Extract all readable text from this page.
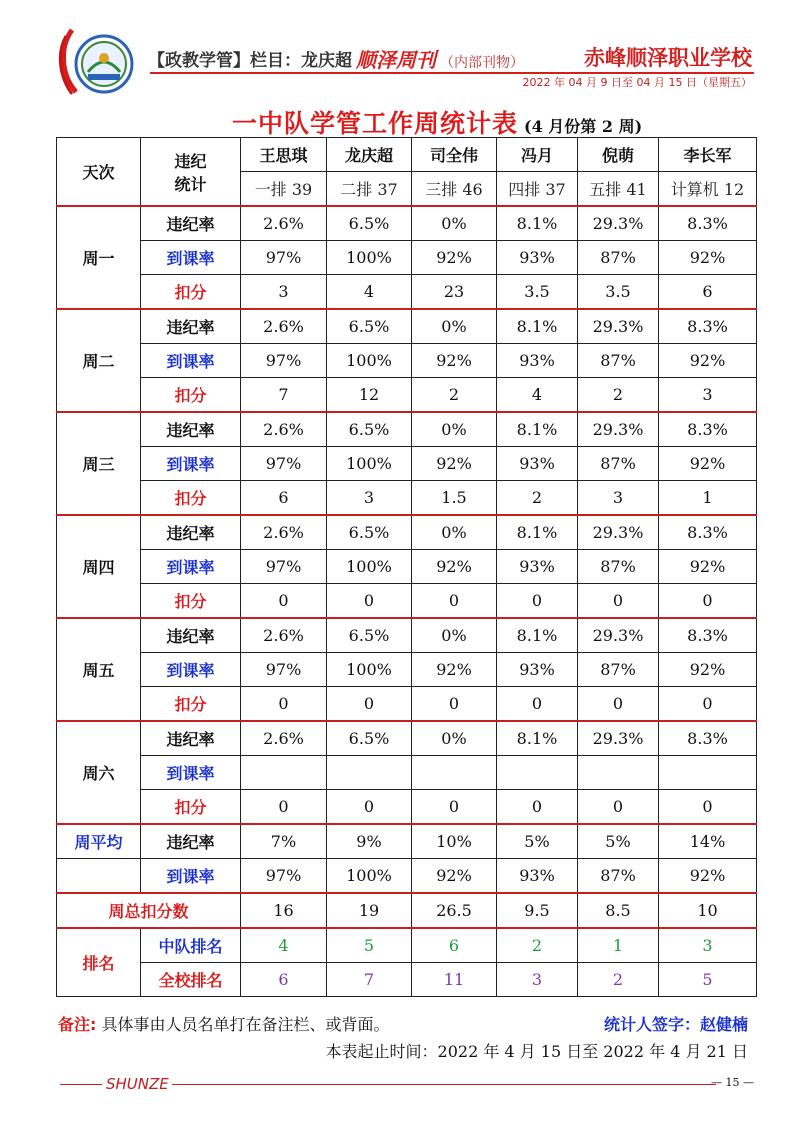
【政教学管】栏目：龙庆超 顺泽周刊 （内部刊物）	赤峰顺泽职业学校
2022 年 04 月 9 日至 04 月 15 日（星期五）
一中队学管工作周统计表 (4 月份第 2 周)
天次	违纪
统计	王思琪	龙庆超	司全伟	冯月	倪萌	李长军
		一排 39	二排 37	三排 46	四排 37	五排 41	计算机 12
周一	违纪率	2.6%	6.5%	0%	8.1%	29.3%	8.3%
	到课率	97%	100%	92%	93%	87%	92%
	扣分	3	4	23	3.5	3.5	6
周二	违纪率	2.6%	6.5%	0%	8.1%	29.3%	8.3%
	到课率	97%	100%	92%	93%	87%	92%
	扣分	7	12	2	4	2	3
周三	违纪率	2.6%	6.5%	0%	8.1%	29.3%	8.3%
	到课率	97%	100%	92%	93%	87%	92%
	扣分	6	3	1.5	2	3	1
周四	违纪率	2.6%	6.5%	0%	8.1%	29.3%	8.3%
	到课率	97%	100%	92%	93%	87%	92%
	扣分	0	0	0	0	0	0
周五	违纪率	2.6%	6.5%	0%	8.1%	29.3%	8.3%
	到课率	97%	100%	92%	93%	87%	92%
	扣分	0	0	0	0	0	0
周六	违纪率	2.6%	6.5%	0%	8.1%	29.3%	8.3%
	到课率						
	扣分	0	0	0	0	0	0
周平均	违纪率	7%	9%	10%	5%	5%	14%
	到课率	97%	100%	92%	93%	87%	92%
周总扣分数		16	19	26.5	9.5	8.5	10
排名	中队排名	4	5	6	2	1	3
	全校排名	6	7	11	3	2	5
备注: 具体事由人员名单打在备注栏、或背面。	统计人签字：赵健楠
本表起止时间：2022 年 4 月 15 日至 2022 年 4 月 21 日
SHUNZE	— 15 —
